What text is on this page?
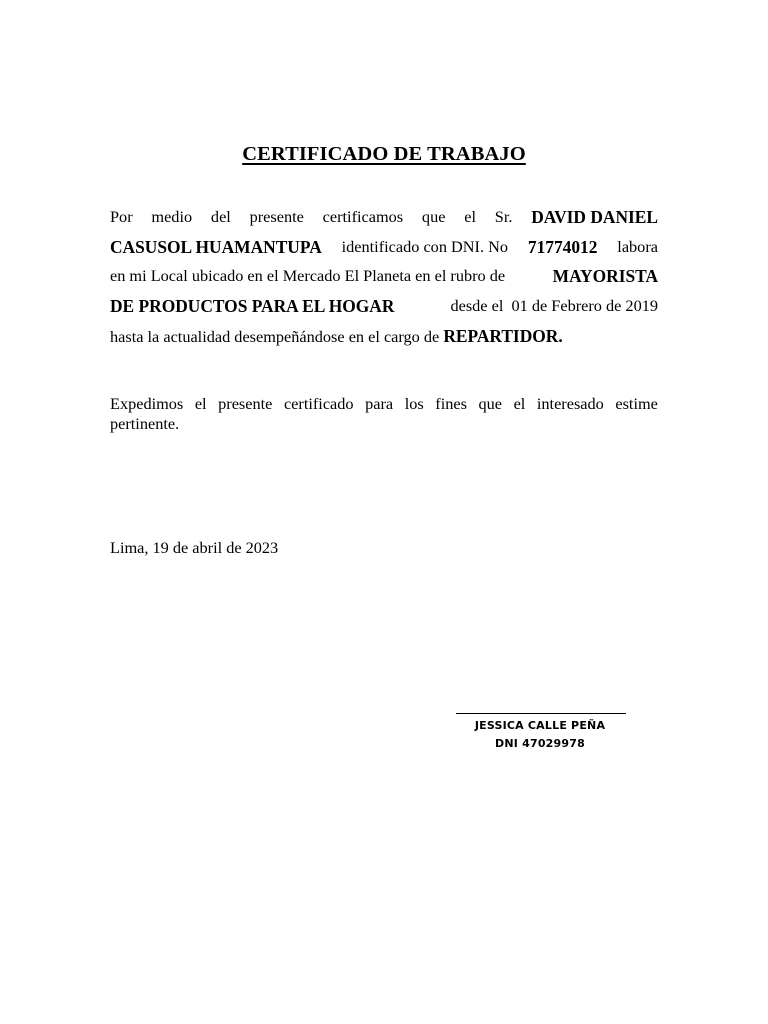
CERTIFICADO DE TRABAJO
Por medio del presente certificamos que el Sr. DAVID DANIEL
CASUSOL HUAMANTUPA identificado con DNI. No 71774012 labora
en mi Local ubicado en el Mercado El Planeta en el rubro de	MAYORISTA
DE PRODUCTOS PARA EL HOGAR	desde el  01 de Febrero de 2019
hasta la actualidad desempeñándose en el cargo de REPARTIDOR.
Expedimos el presente certificado para los fines que el interesado estime
pertinente.
Lima, 19 de abril de 2023
JESSICA CALLE PEÑA
DNI 47029978
